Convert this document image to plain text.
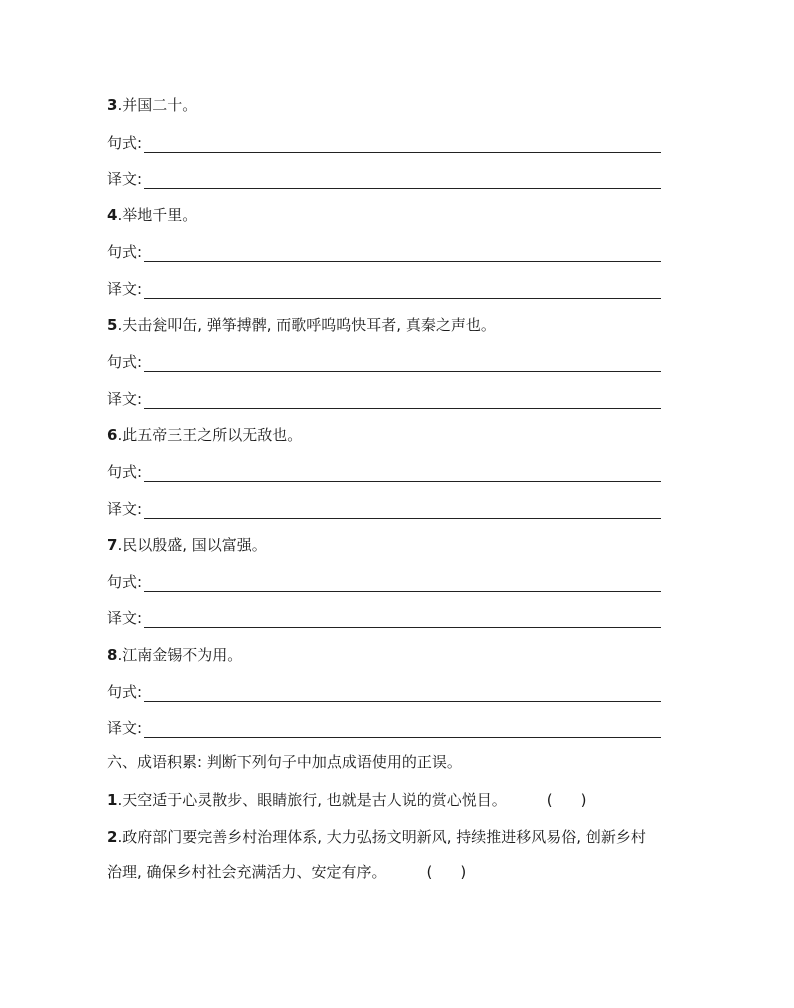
3.并国二十。
句式:
译文:
4.举地千里。
句式:
译文:
5.夫击瓮叩缶, 弹筝搏髀, 而歌呼呜呜快耳者, 真秦之声也。
句式:
译文:
6.此五帝三王之所以无敌也。
句式:
译文:
7.民以殷盛, 国以富强。
句式:
译文:
8.江南金锡不为用。
句式:
译文:
六、成语积累: 判断下列句子中加点成语使用的正误。
1.天空适于心灵散步、眼睛旅行, 也就是古人说的赏心悦目。	( )
2.政府部门要完善乡村治理体系, 大力弘扬文明新风, 持续推进移风易俗, 创新乡村
治理, 确保乡村社会充满活力、安定有序。	( )
